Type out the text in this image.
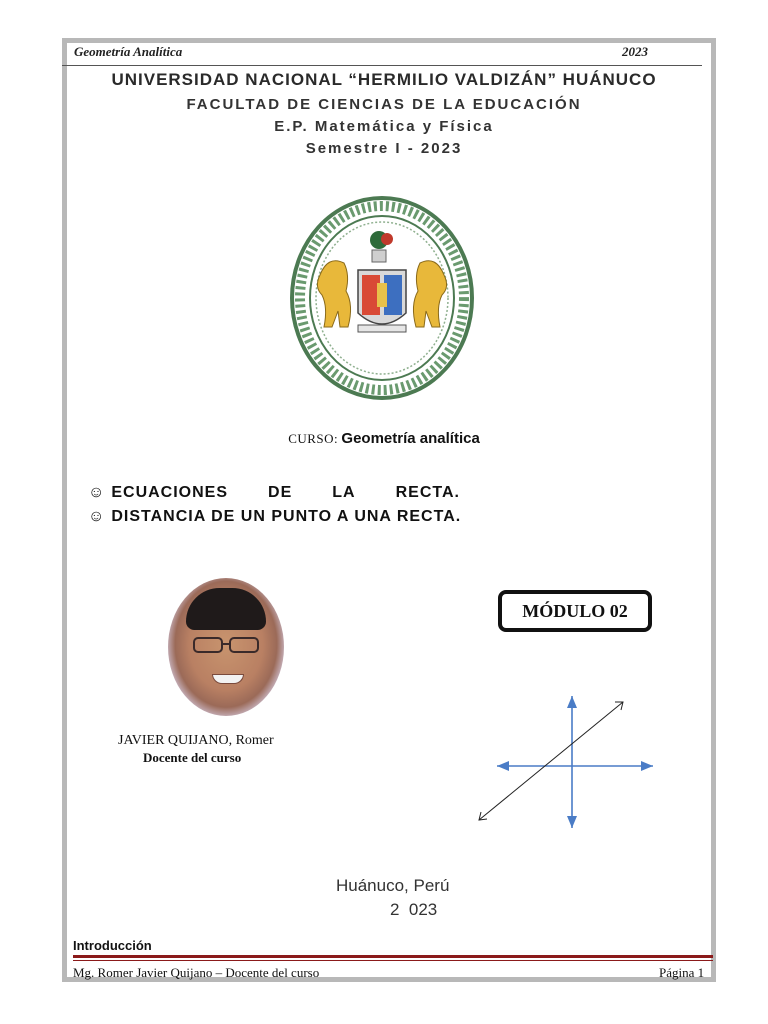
Geometría Analítica	2023
UNIVERSIDAD NACIONAL “HERMILIO VALDIZÁN” HUÁNUCO
FACULTAD DE CIENCIAS DE LA EDUCACIÓN
E.P. Matemática y Física
Semestre I - 2023
CURSO: Geometría analítica
☺ ECUACIONES	DE	LA	RECTA.
☺ DISTANCIA DE UN PUNTO A UNA RECTA.
JAVIER QUIJANO, Romer
Docente del curso
MÓDULO 02
Huánuco, Perú
2  023
Introducción
Mg. Romer Javier Quijano – Docente del curso	Página 1
